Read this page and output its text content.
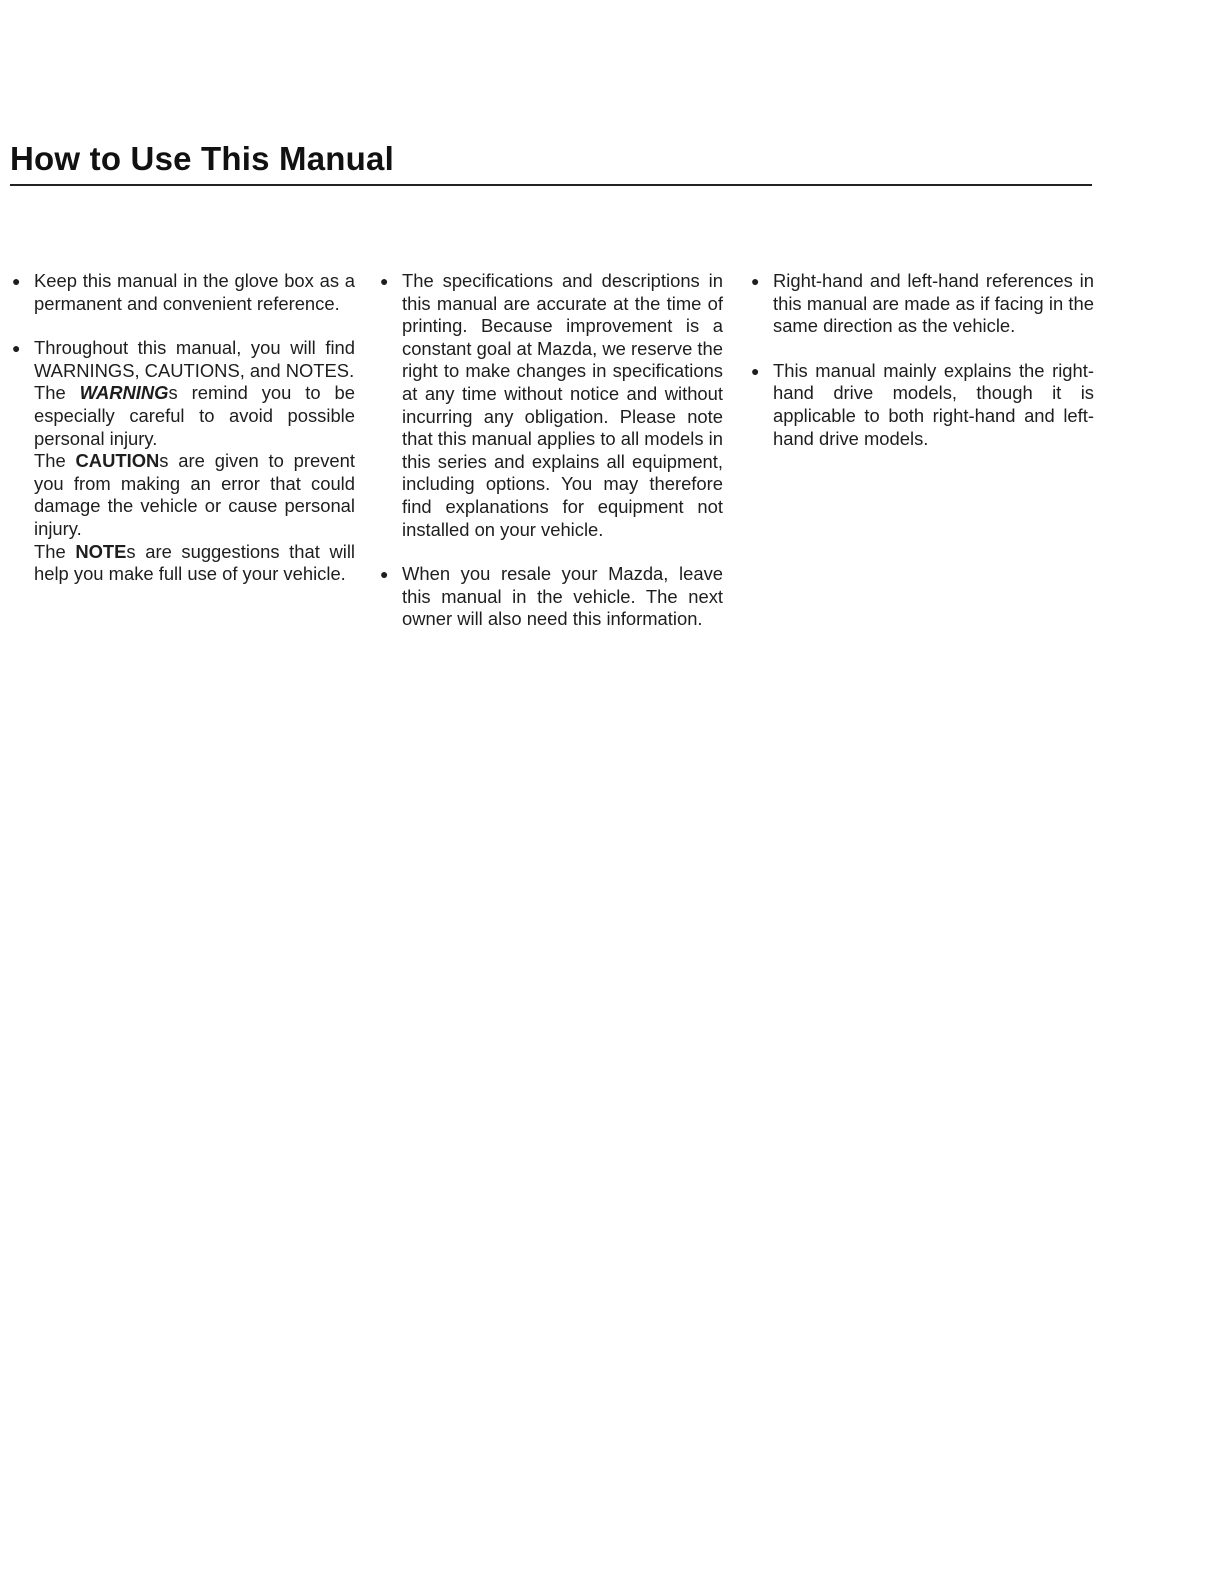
How to Use This Manual
● Keep this manual in the glove box as a permanent and convenient reference.
● Throughout this manual, you will find WARNINGS, CAUTIONS, and NOTES.
The WARNINGs remind you to be especially careful to avoid possible personal injury.
The CAUTIONs are given to prevent you from making an error that could damage the vehicle or cause personal injury.
The NOTEs are suggestions that will help you make full use of your vehicle.
● The specifications and descriptions in this manual are accurate at the time of printing. Because improvement is a constant goal at Mazda, we reserve the right to make changes in specifications at any time without notice and without incurring any obligation. Please note that this manual applies to all models in this series and explains all equipment, including options. You may therefore find explanations for equipment not installed on your vehicle.
● When you resale your Mazda, leave this manual in the vehicle. The next owner will also need this information.
● Right-hand and left-hand references in this manual are made as if facing in the same direction as the vehicle.
● This manual mainly explains the right-hand drive models, though it is applicable to both right-hand and left-hand drive models.
